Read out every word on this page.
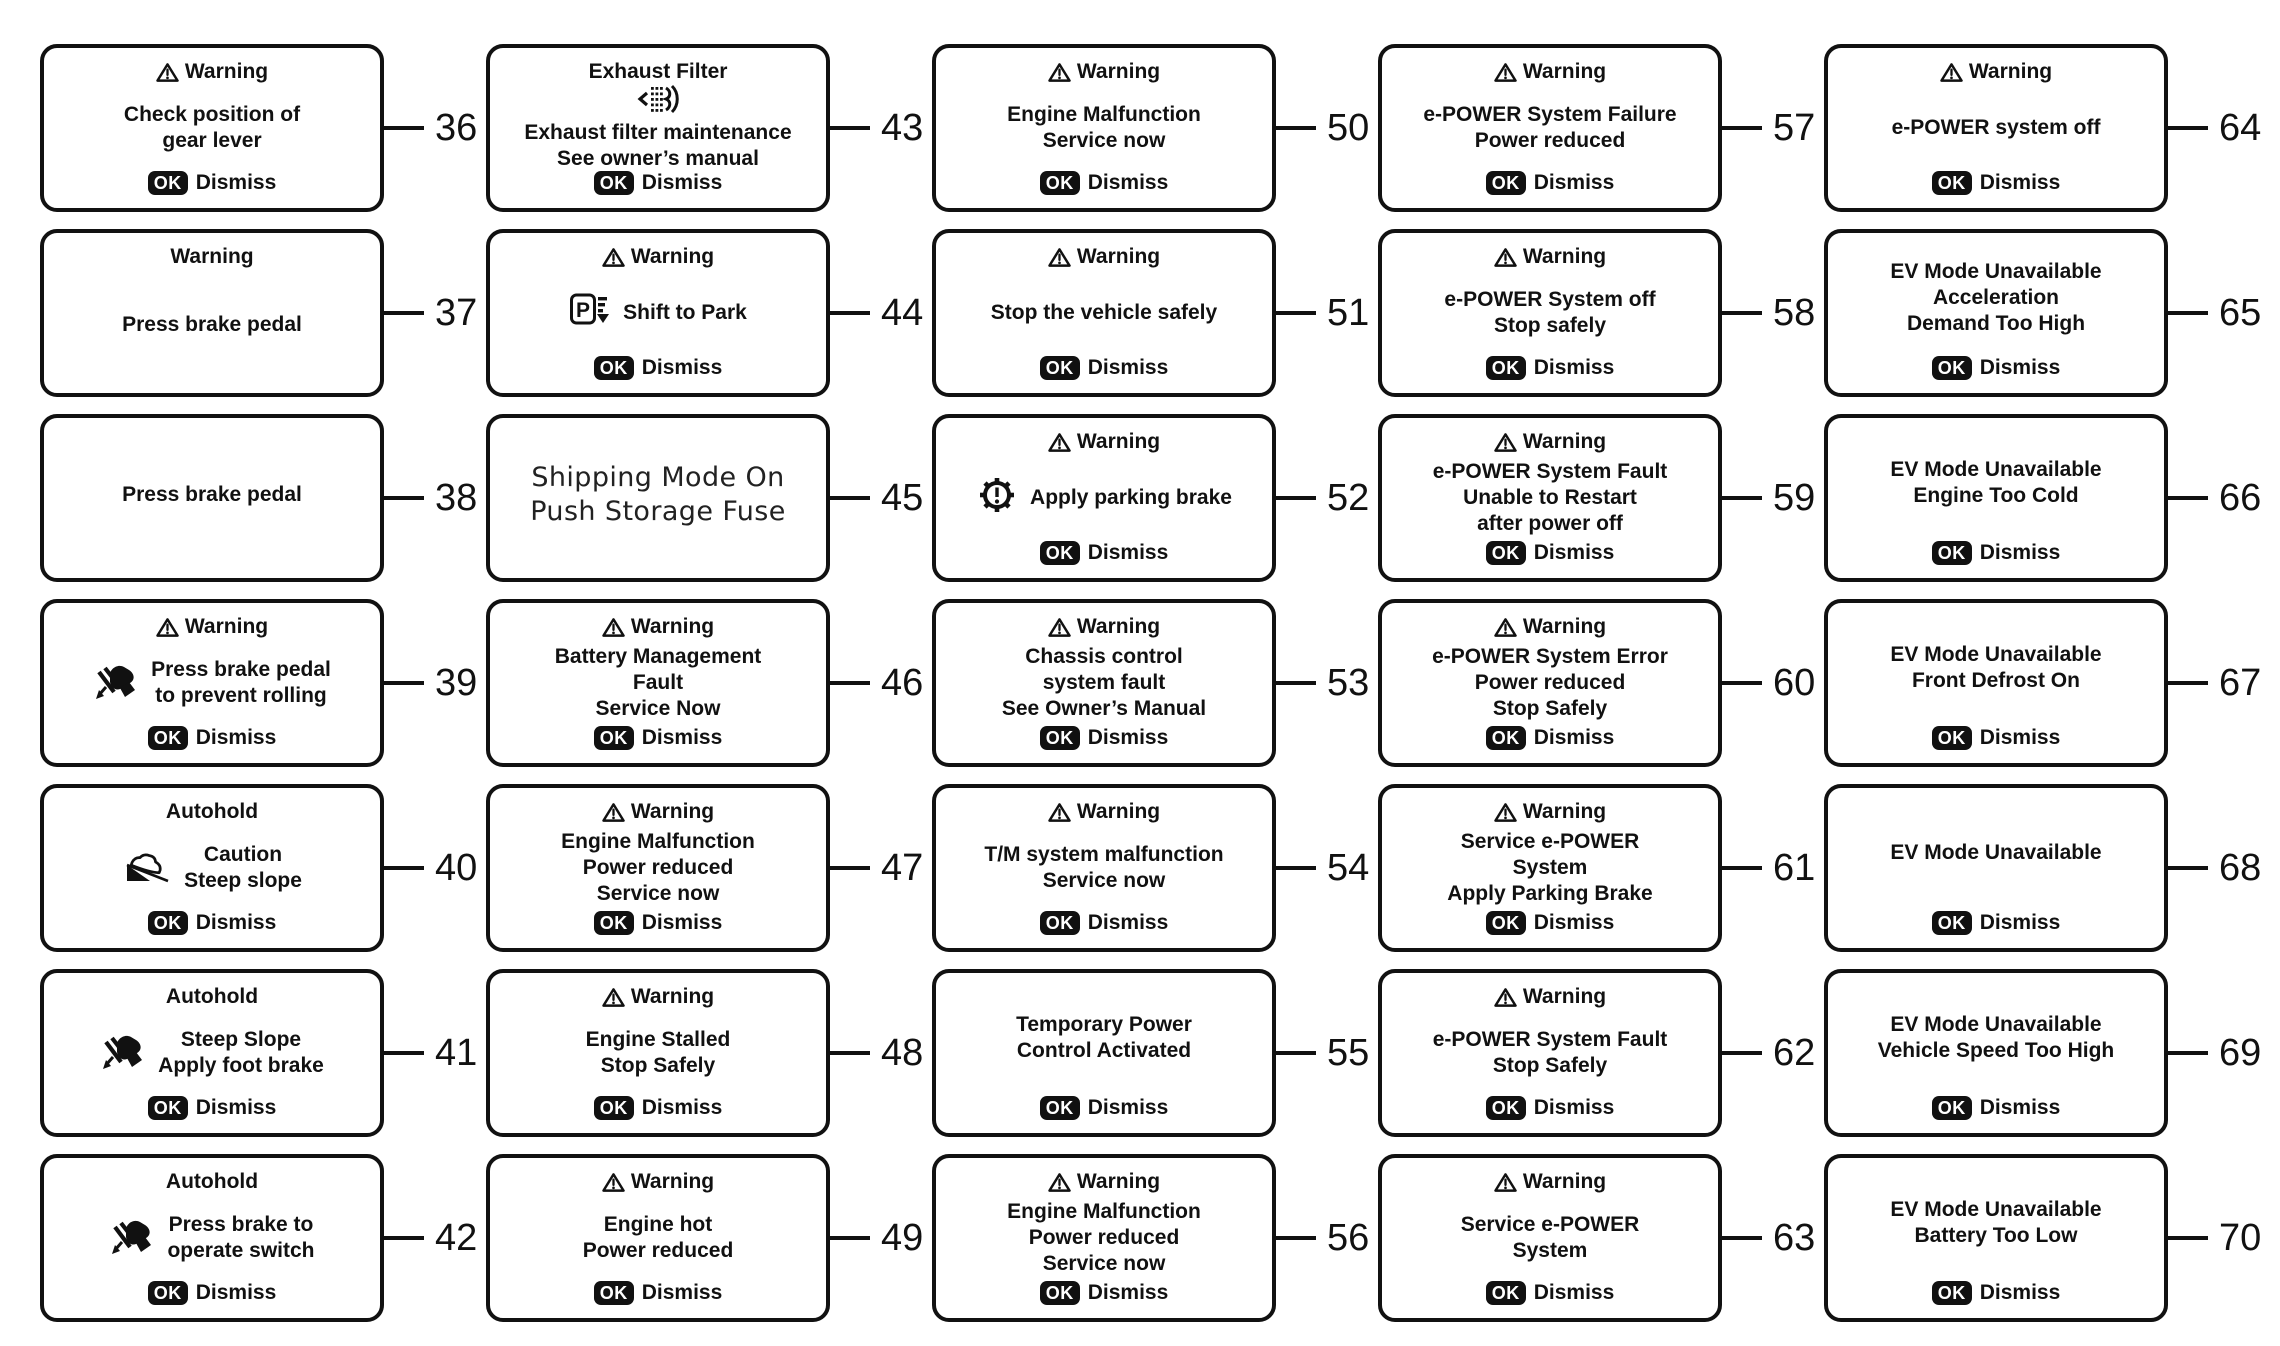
Warning
Check position of
gear lever
OK Dismiss
36
Warning
Press brake pedal	37
Press brake pedal	38
Warning
Press brake pedal
to prevent rolling
OK Dismiss
39
Autohold
Caution
Steep slope
OK Dismiss
40
Autohold
Steep Slope
Apply foot brake
OK Dismiss
41
Autohold
Press brake to
operate switch
OK Dismiss
42
Exhaust Filter
Exhaust filter maintenance
See owner’s manual
OK Dismiss
43
Warning
P Shift to Park
OK Dismiss
44
Shipping Mode On
Push Storage Fuse	45
Warning
Battery Management
Fault
Service Now
OK Dismiss
46
Warning
Engine Malfunction
Power reduced
Service now
OK Dismiss
47
Warning
Engine Stalled
Stop Safely
OK Dismiss
48
Warning
Engine hot
Power reduced
OK Dismiss
49
Warning
Engine Malfunction
Service now
OK Dismiss
50
Warning
Stop the vehicle safely
OK Dismiss
51
Warning
Apply parking brake
OK Dismiss
52
Warning
Chassis control
system fault
See Owner’s Manual
OK Dismiss
53
Warning
T/M system malfunction
Service now
OK Dismiss
54
Temporary Power
Control Activated
OK Dismiss
55
Warning
Engine Malfunction
Power reduced
Service now
OK Dismiss
56
Warning
e-POWER System Failure
Power reduced
OK Dismiss
57
Warning
e-POWER System off
Stop safely
OK Dismiss
58
Warning
e-POWER System Fault
Unable to Restart
after power off
OK Dismiss
59
Warning
e-POWER System Error
Power reduced
Stop Safely
OK Dismiss
60
Warning
Service e-POWER
System
Apply Parking Brake
OK Dismiss
61
Warning
e-POWER System Fault
Stop Safely
OK Dismiss
62
Warning
Service e-POWER
System
OK Dismiss
63
Warning
e-POWER system off
OK Dismiss
64
EV Mode Unavailable
Acceleration
Demand Too High
OK Dismiss
65
EV Mode Unavailable
Engine Too Cold
OK Dismiss
66
EV Mode Unavailable
Front Defrost On
OK Dismiss
67
EV Mode Unavailable
OK Dismiss
68
EV Mode Unavailable
Vehicle Speed Too High
OK Dismiss
69
EV Mode Unavailable
Battery Too Low
OK Dismiss
70
